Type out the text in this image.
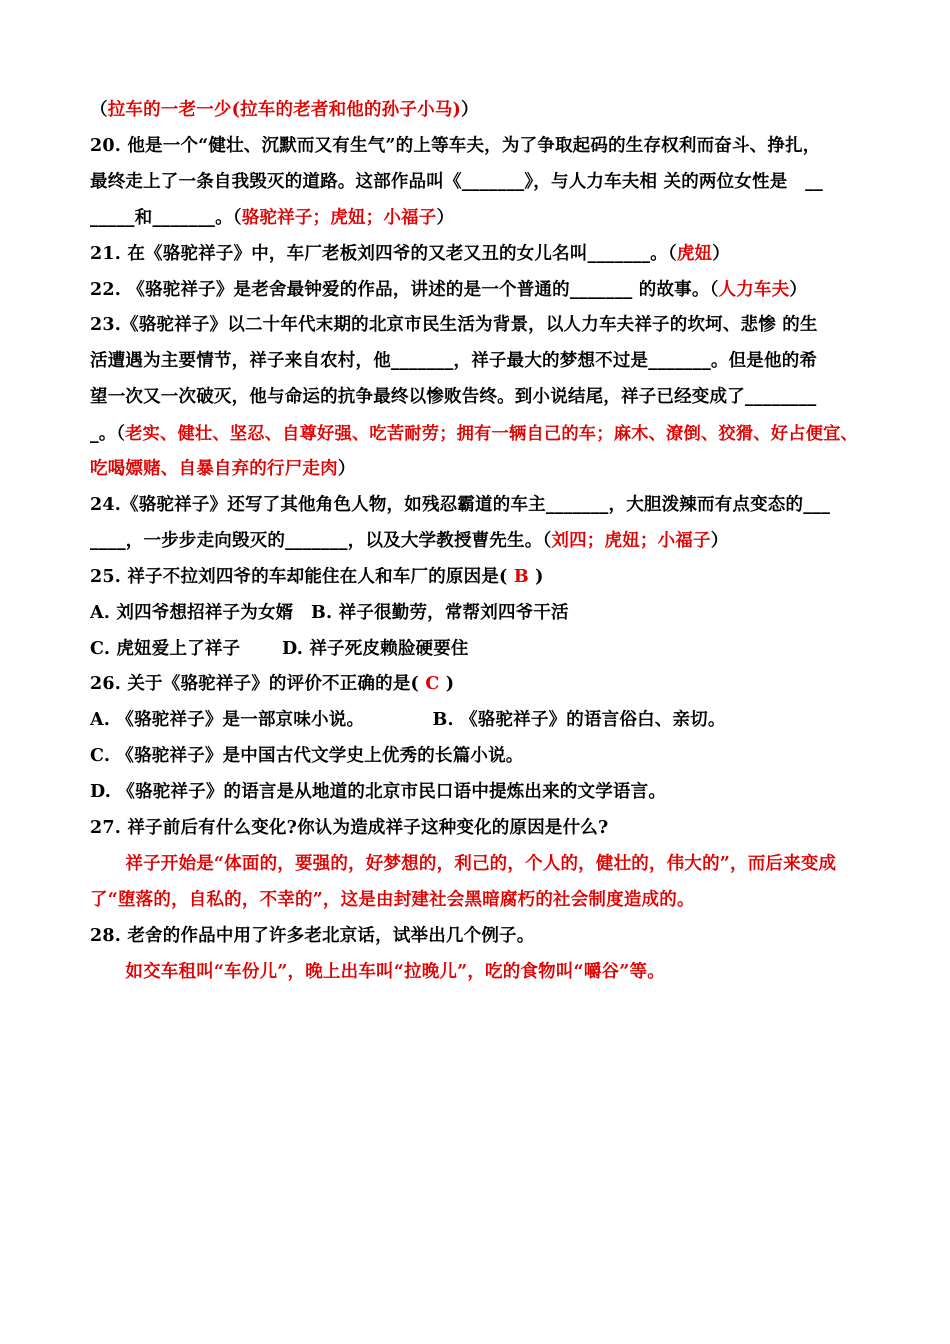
（拉车的一老一少(拉车的老者和他的孙子小马)）
20. 他是一个“健壮、沉默而又有生气”的上等车夫，为了争取起码的生存权利而奋斗、挣扎，
最终走上了一条自我毁灭的道路。这部作品叫《_______》，与人力车夫相 关的两位女性是　__
_____和_______。（骆驼祥子；虎妞；小福子）
21. 在《骆驼祥子》中，车厂老板刘四爷的又老又丑的女儿名叫_______。（虎妞）
22. 《骆驼祥子》是老舍最钟爱的作品，讲述的是一个普通的_______ 的故事。（人力车夫）
23.《骆驼祥子》以二十年代末期的北京市民生活为背景，以人力车夫祥子的坎坷、悲惨 的生
活遭遇为主要情节，祥子来自农村，他_______，祥子最大的梦想不过是_______。但是他的希
望一次又一次破灭，他与命运的抗争最终以惨败告终。到小说结尾，祥子已经变成了________
_。（老实、健壮、坚忍、自尊好强、吃苦耐劳；拥有一辆自己的车；麻木、潦倒、狡猾、好占便宜、
吃喝嫖赌、自暴自弃的行尸走肉）
24.《骆驼祥子》还写了其他角色人物，如残忍霸道的车主_______，大胆泼辣而有点变态的___
____，一步步走向毁灭的_______，以及大学教授曹先生。（刘四；虎妞；小福子）
25. 祥子不拉刘四爷的车却能住在人和车厂的原因是( B )
A. 刘四爷想招祥子为女婿　B. 祥子很勤劳，常帮刘四爷干活
C. 虎妞爱上了祥子　　 D. 祥子死皮赖脸硬要住
26. 关于《骆驼祥子》的评价不正确的是( C )
A. 《骆驼祥子》是一部京味小说。　　　　 B. 《骆驼祥子》的语言俗白、亲切。
C. 《骆驼祥子》是中国古代文学史上优秀的长篇小说。
D. 《骆驼祥子》的语言是从地道的北京市民口语中提炼出来的文学语言。
27. 祥子前后有什么变化?你认为造成祥子这种变化的原因是什么?
　　祥子开始是“体面的，要强的，好梦想的，利己的，个人的，健壮的，伟大的”，而后来变成
了“堕落的，自私的，不幸的”，这是由封建社会黑暗腐朽的社会制度造成的。
28. 老舍的作品中用了许多老北京话，试举出几个例子。
　　如交车租叫“车份儿”，晚上出车叫“拉晚儿”，吃的食物叫“嚼谷”等。
